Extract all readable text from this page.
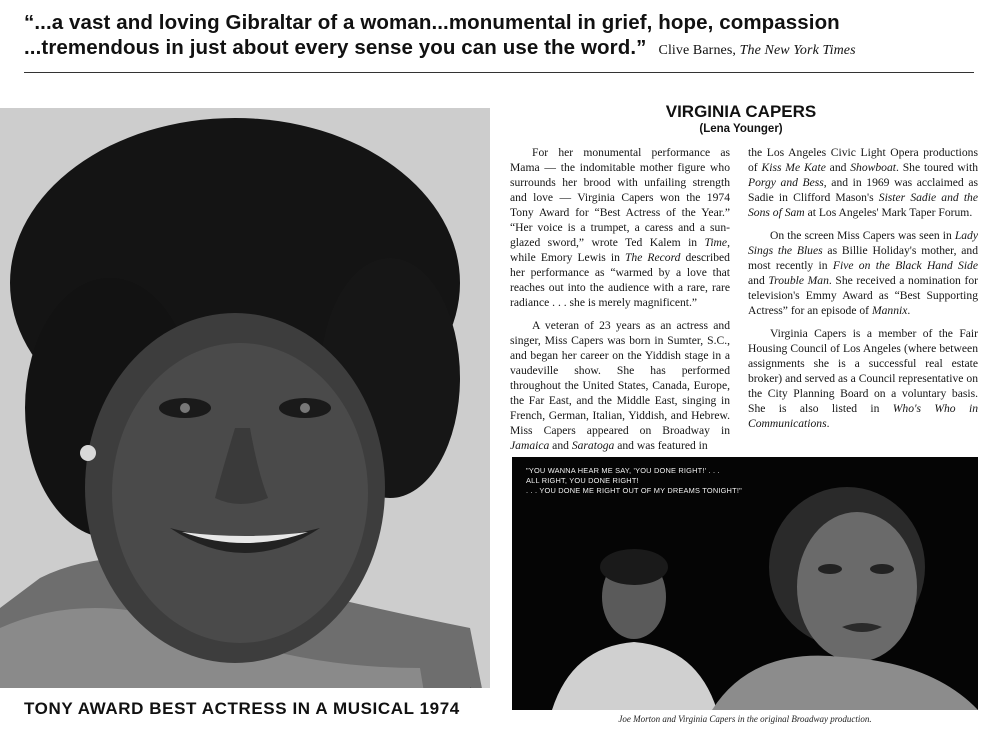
“...a vast and loving Gibraltar of a woman...monumental in grief, hope, compassion
...tremendous in just about every sense you can use the word.” Clive Barnes, The New York Times
TONY AWARD BEST ACTRESS IN A MUSICAL 1974
VIRGINIA CAPERS
(Lena Younger)

For her monumental performance as Mama — the indomitable mother figure who surrounds her brood with unfailing strength and love — Virginia Capers won the 1974 Tony Award for “Best Actress of the Year.” “Her voice is a trumpet, a caress and a sun-glazed sword,” wrote Ted Kalem in Time, while Emory Lewis in The Record described her performance as “warmed by a love that reaches out into the audience with a rare, rare radiance . . . she is merely magnificent.”

A veteran of 23 years as an actress and singer, Miss Capers was born in Sumter, S.C., and began her career on the Yiddish stage in a vaudeville show. She has performed throughout the United States, Canada, Europe, the Far East, and the Middle East, singing in French, German, Italian, Yiddish, and Hebrew. Miss Capers appeared on Broadway in Jamaica and Saratoga and was featured in

the Los Angeles Civic Light Opera productions of Kiss Me Kate and Showboat. She toured with Porgy and Bess, and in 1969 was acclaimed as Sadie in Clifford Mason's Sister Sadie and the Sons of Sam at Los Angeles' Mark Taper Forum.

On the screen Miss Capers was seen in Lady Sings the Blues as Billie Holiday's mother, and most recently in Five on the Black Hand Side and Trouble Man. She received a nomination for television's Emmy Award as “Best Supporting Actress” for an episode of Mannix.

Virginia Capers is a member of the Fair Housing Council of Los Angeles (where between assignments she is a successful real estate broker) and served as a Council representative on the City Planning Board on a voluntary basis. She is also listed in Who's Who in Communications.

"YOU WANNA HEAR ME SAY, 'YOU DONE RIGHT!' . . .
ALL RIGHT, YOU DONE RIGHT!
. . . YOU DONE ME RIGHT OUT OF MY DREAMS TONIGHT!"
Joe Morton and Virginia Capers in the original Broadway production.
